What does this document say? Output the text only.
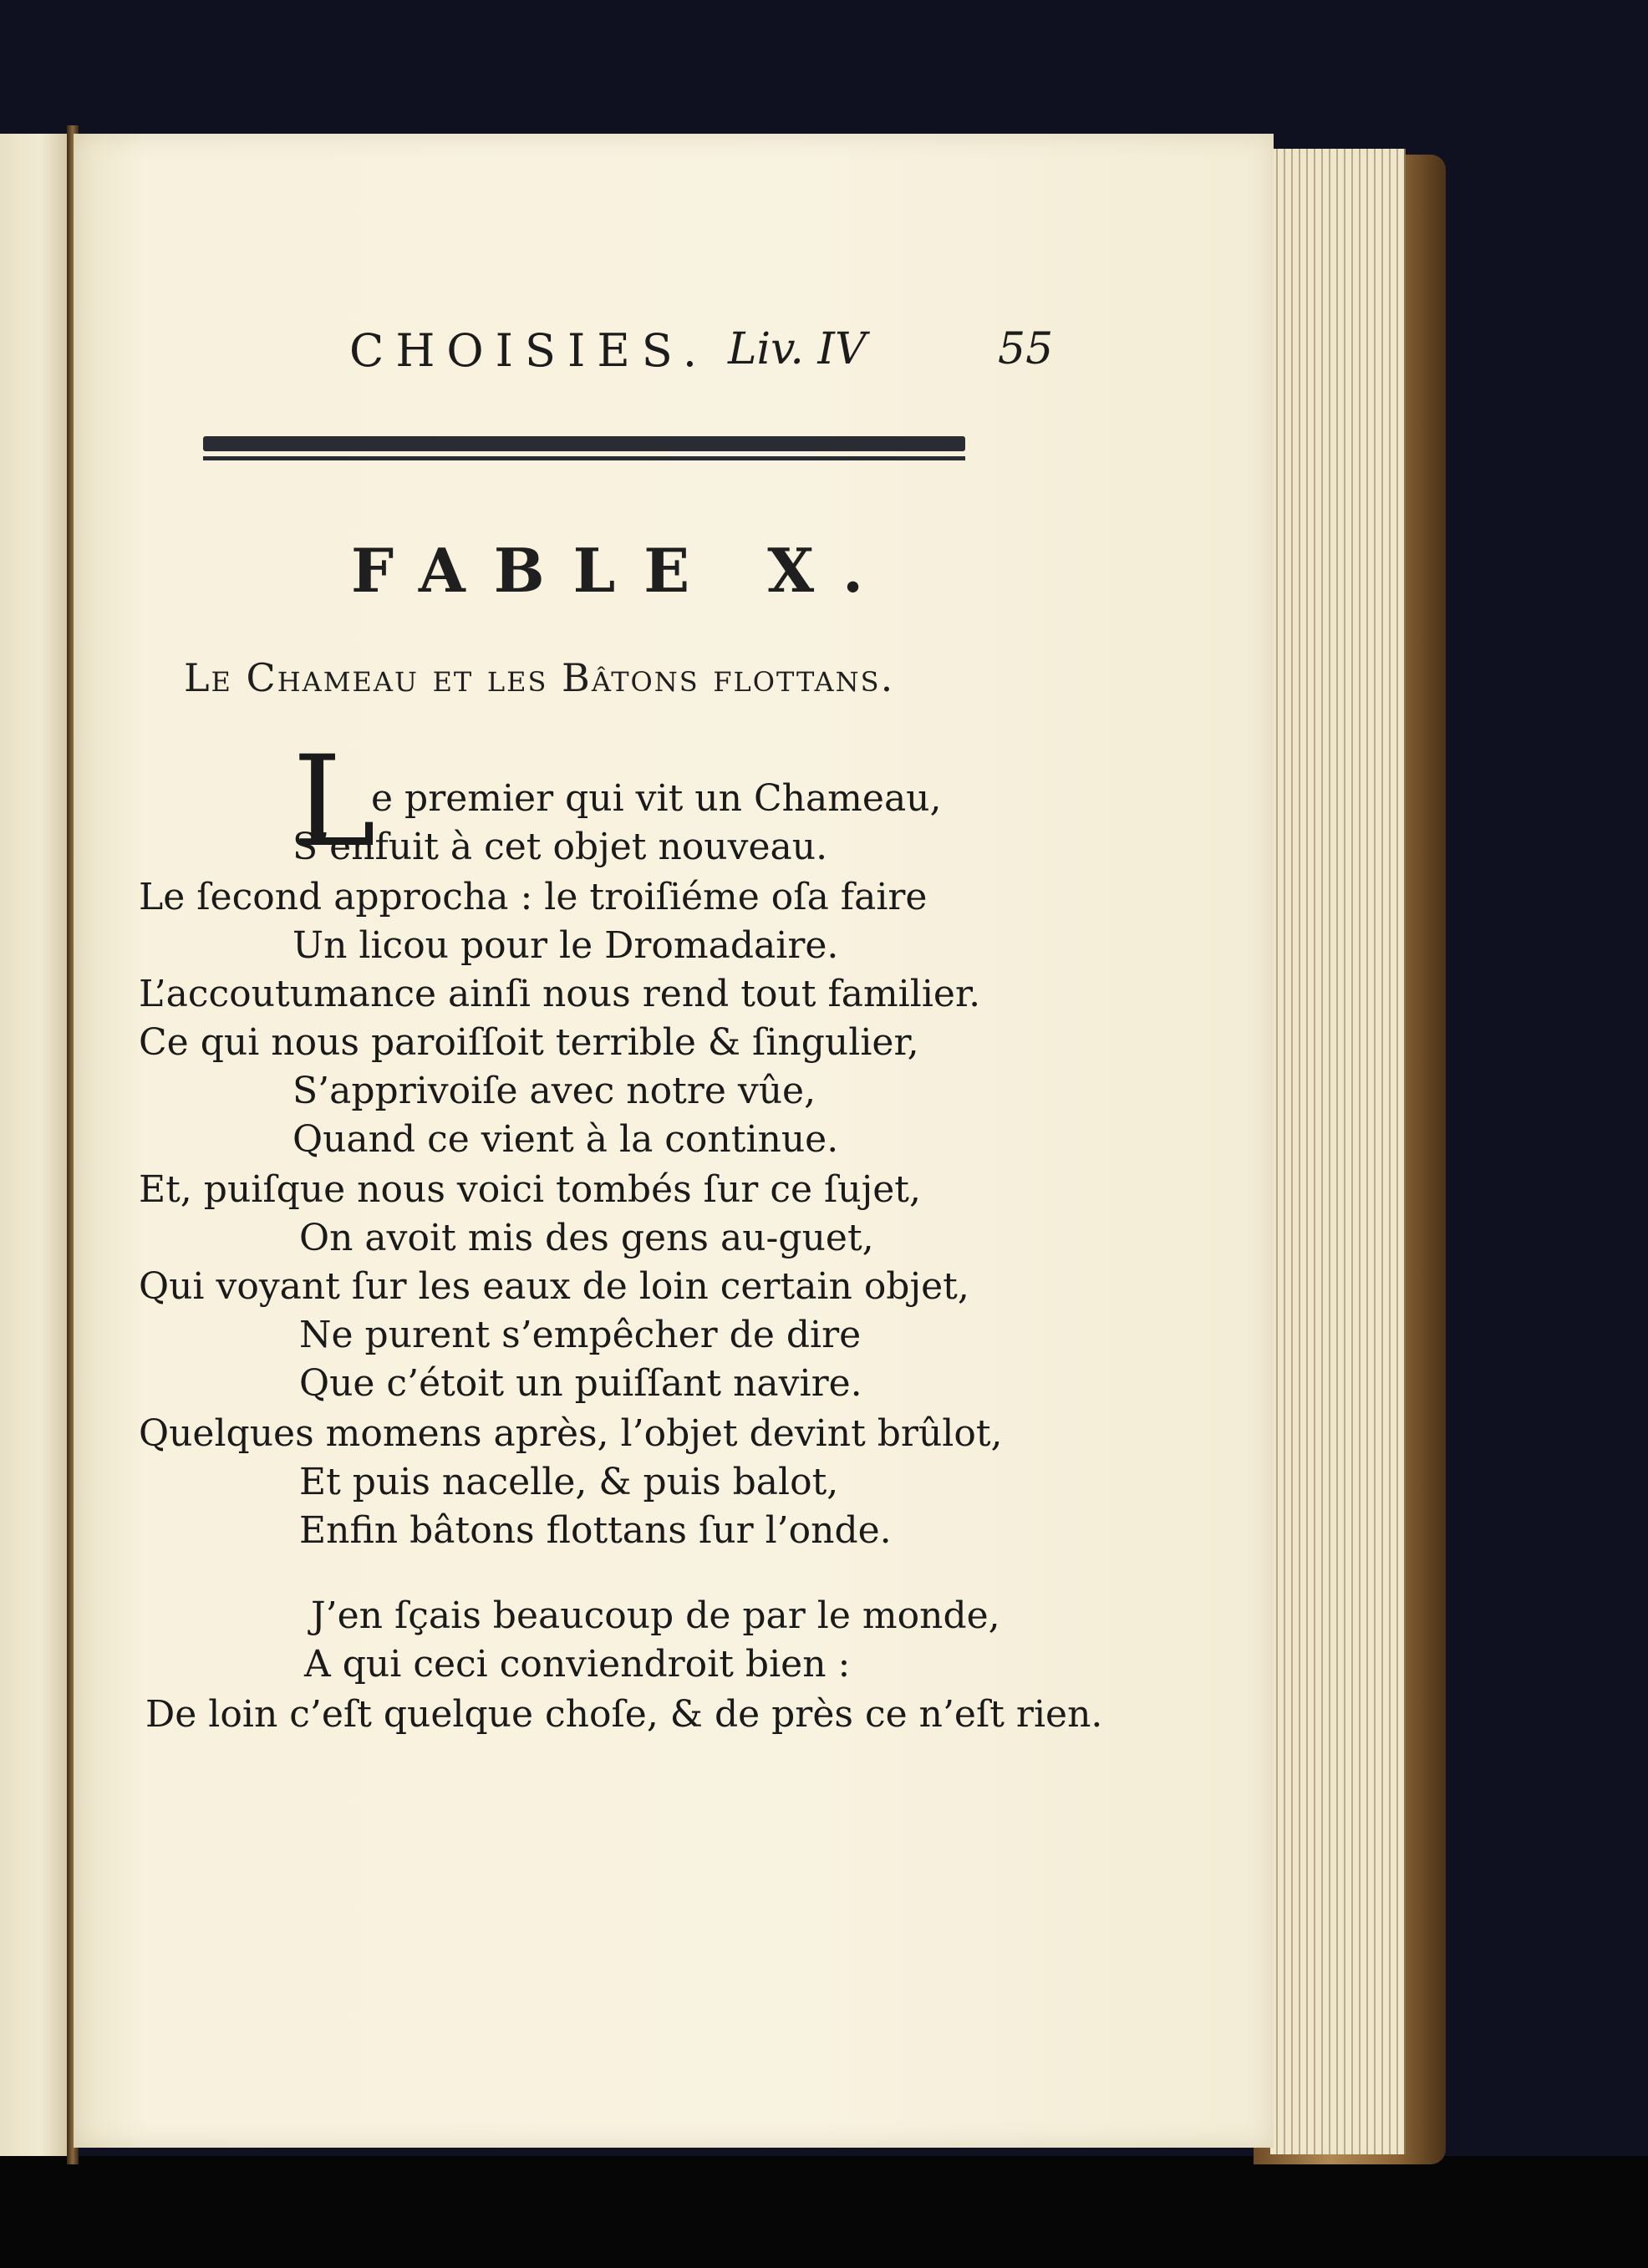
CHOISIES. Liv. IV	55
FABLE X.
Le Chameau et les Bâtons flottans.
L
e premier qui vit un Chameau,
S’enfuit à cet objet nouveau.
Le ſecond approcha : le troiſiéme oſa faire
Un licou pour le Dromadaire.
L’accoutumance ainſi nous rend tout familier.
Ce qui nous paroiſſoit terrible & ſingulier,
S’apprivoiſe avec notre vûe,
Quand ce vient à la continue.
Et, puiſque nous voici tombés ſur ce ſujet,
On avoit mis des gens au-guet,
Qui voyant ſur les eaux de loin certain objet,
Ne purent s’empêcher de dire
Que c’étoit un puiſſant navire.
Quelques momens après, l’objet devint brûlot,
Et puis nacelle, & puis balot,
Enfin bâtons flottans ſur l’onde.
J’en ſçais beaucoup de par le monde,
A qui ceci conviendroit bien :
De loin c’eſt quelque choſe, & de près ce n’eſt rien.
